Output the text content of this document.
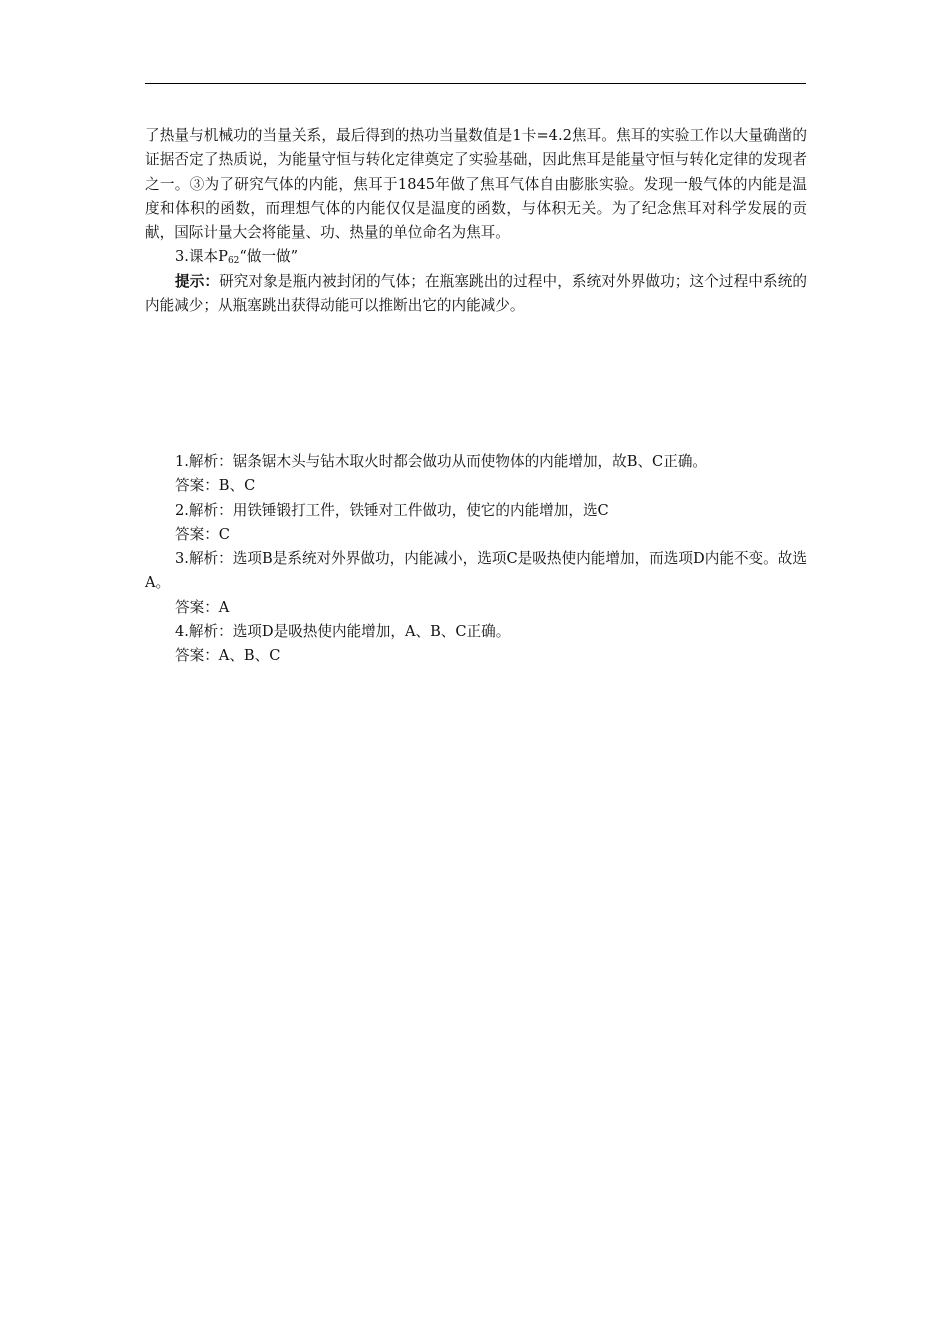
了热量与机械功的当量关系，最后得到的热功当量数值是1卡=4.2焦耳。焦耳的实验工作以大量确凿的证据否定了热质说，为能量守恒与转化定律奠定了实验基础，因此焦耳是能量守恒与转化定律的发现者之一。③为了研究气体的内能，焦耳于1845年做了焦耳气体自由膨胀实验。发现一般气体的内能是温度和体积的函数，而理想气体的内能仅仅是温度的函数，与体积无关。为了纪念焦耳对科学发展的贡献，国际计量大会将能量、功、热量的单位命名为焦耳。

3.课本$P_{62}“$做一做”

提示：研究对象是瓶内被封闭的气体；在瓶塞跳出的过程中，系统对外界做功；这个过程中系统的内能减少；从瓶塞跳出获得动能可以推断出它的内能减少。

1.解析：锯条锯木头与钻木取火时都会做功从而使物体的内能增加，故B、C正确。

答案：B、C

2.解析：用铁锤锻打工件，铁锤对工件做功，使它的内能增加，选C

答案：C

3.解析：选项B是系统对外界做功，内能减小，选项C是吸热使内能增加，而选项D内能不变。故选A。

答案：A

4.解析：选项D是吸热使内能增加，A、B、C正确。

答案：A、B、C
